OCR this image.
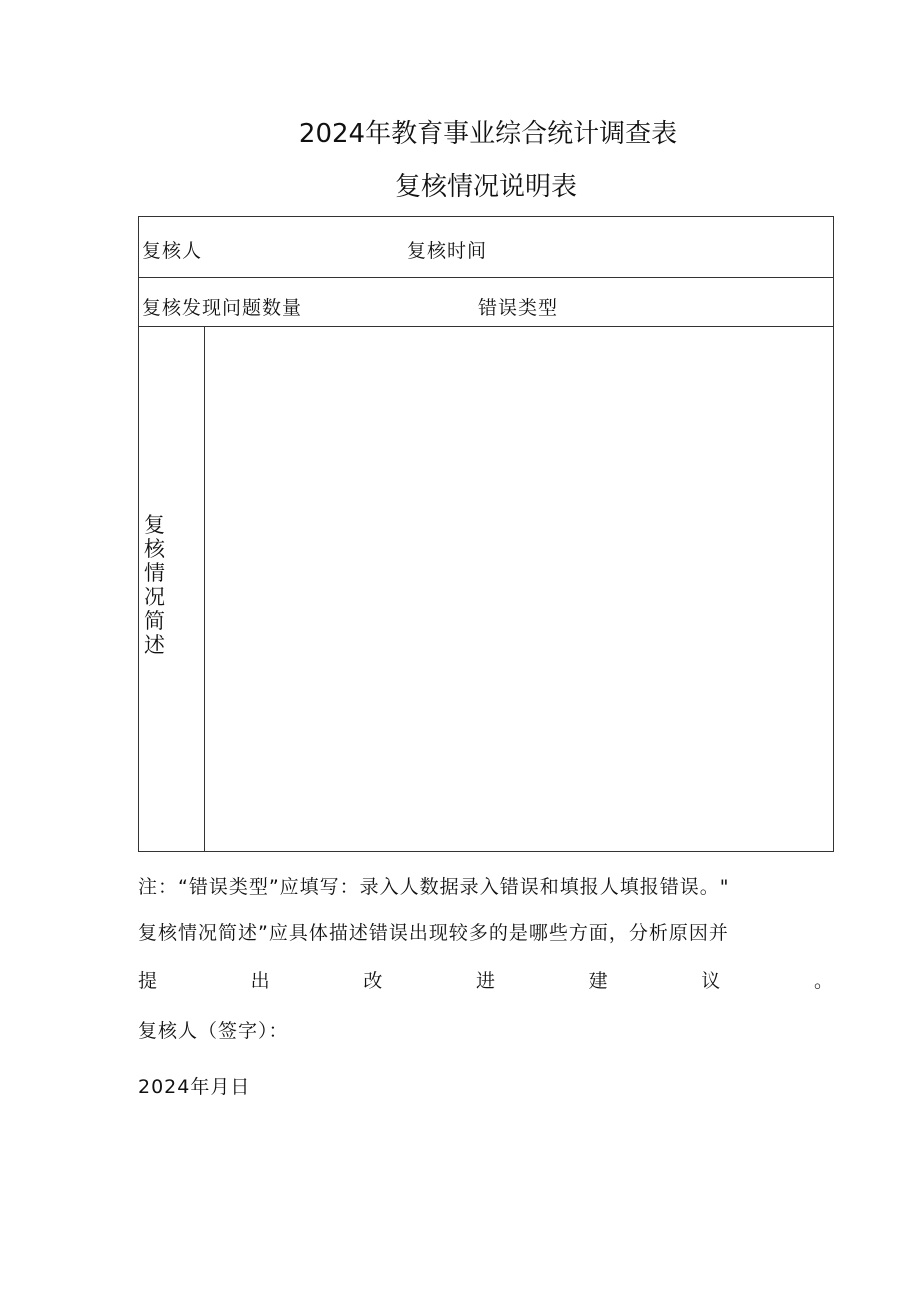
2024年教育事业综合统计调查表
复核情况说明表
复核人	复核时间
复核发现问题数量	错误类型
复核情况简述

注：“错误类型”应填写：录入人数据录入错误和填报人填报错误。"

复核情况简述”应具体描述错误出现较多的是哪些方面，分析原因并

提	出	改	进	建	议	。

复核人（签字）：
2024年月日
